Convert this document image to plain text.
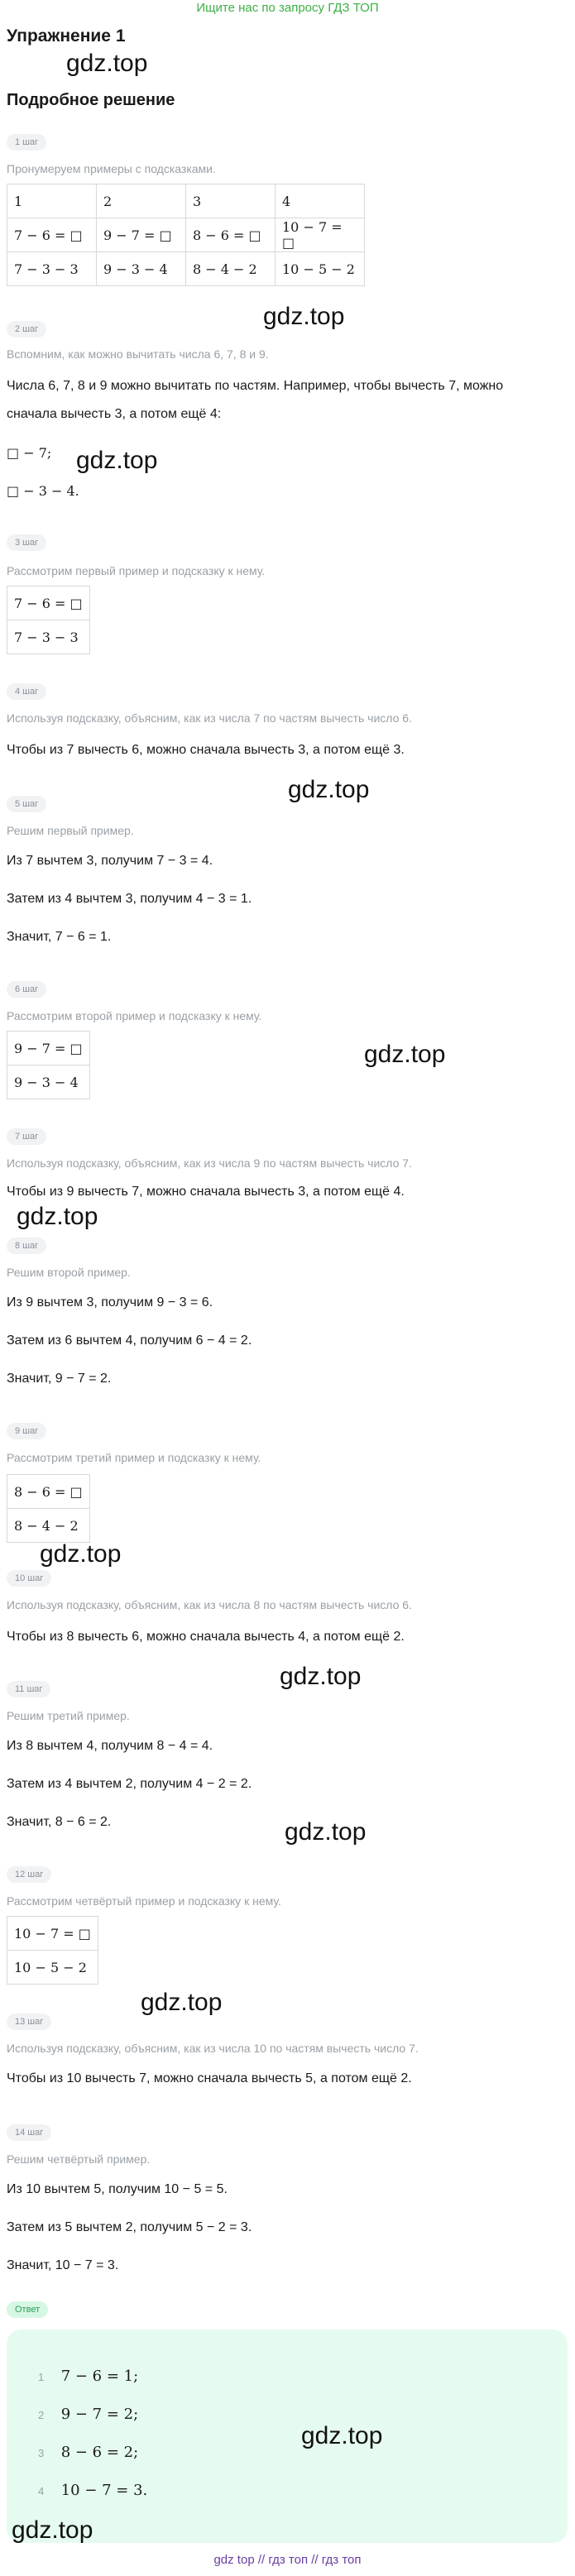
Ищите нас по запросу ГДЗ ТОП
Упражнение 1
gdz.top
Подробное решение
1 шаг
Пронумеруем примеры с подсказками.
1	2	3	4
7 − 6 = □	9 − 7 = □	8 − 6 = □	10 − 7 = □
7 − 3 − 3	9 − 3 − 4	8 − 4 − 2	10 − 5 − 2
gdz.top
2 шаг
Вспомним, как можно вычитать числа 6, 7, 8 и 9.
Числа 6, 7, 8 и 9 можно вычитать по частям. Например, чтобы вычесть 7, можно
сначала вычесть 3, а потом ещё 4:
□ − 7; gdz.top
□ − 3 − 4.
3 шаг
Рассмотрим первый пример и подсказку к нему.
7 − 6 = □
7 − 3 − 3
4 шаг
Используя подсказку, объясним, как из числа 7 по частям вычесть число 6.
Чтобы из 7 вычесть 6, можно сначала вычесть 3, а потом ещё 3.
gdz.top
5 шаг
Решим первый пример.
Из 7 вычтем 3, получим 7 − 3 = 4.
Затем из 4 вычтем 3, получим 4 − 3 = 1.
Значит, 7 − 6 = 1.
6 шаг
Рассмотрим второй пример и подсказку к нему.
9 − 7 = □
9 − 3 − 4
gdz.top
7 шаг
Используя подсказку, объясним, как из числа 9 по частям вычесть число 7.
Чтобы из 9 вычесть 7, можно сначала вычесть 3, а потом ещё 4.
gdz.top
8 шаг
Решим второй пример.
Из 9 вычтем 3, получим 9 − 3 = 6.
Затем из 6 вычтем 4, получим 6 − 4 = 2.
Значит, 9 − 7 = 2.
9 шаг
Рассмотрим третий пример и подсказку к нему.
8 − 6 = □
8 − 4 − 2
gdz.top
10 шаг
Используя подсказку, объясним, как из числа 8 по частям вычесть число 6.
Чтобы из 8 вычесть 6, можно сначала вычесть 4, а потом ещё 2.
gdz.top
11 шаг
Решим третий пример.
Из 8 вычтем 4, получим 8 − 4 = 4.
Затем из 4 вычтем 2, получим 4 − 2 = 2.
Значит, 8 − 6 = 2.	gdz.top
12 шаг
Рассмотрим четвёртый пример и подсказку к нему.
10 − 7 = □
10 − 5 − 2
gdz.top
13 шаг
Используя подсказку, объясним, как из числа 10 по частям вычесть число 7.
Чтобы из 10 вычесть 7, можно сначала вычесть 5, а потом ещё 2.
14 шаг
Решим четвёртый пример.
Из 10 вычтем 5, получим 10 − 5 = 5.
Затем из 5 вычтем 2, получим 5 − 2 = 3.
Значит, 10 − 7 = 3.
Ответ
1 7 − 6 = 1;
2 9 − 7 = 2;
3 8 − 6 = 2;
4 10 − 7 = 3.
gdz.top
gdz.top
gdz top // гдз топ // гдз топ
